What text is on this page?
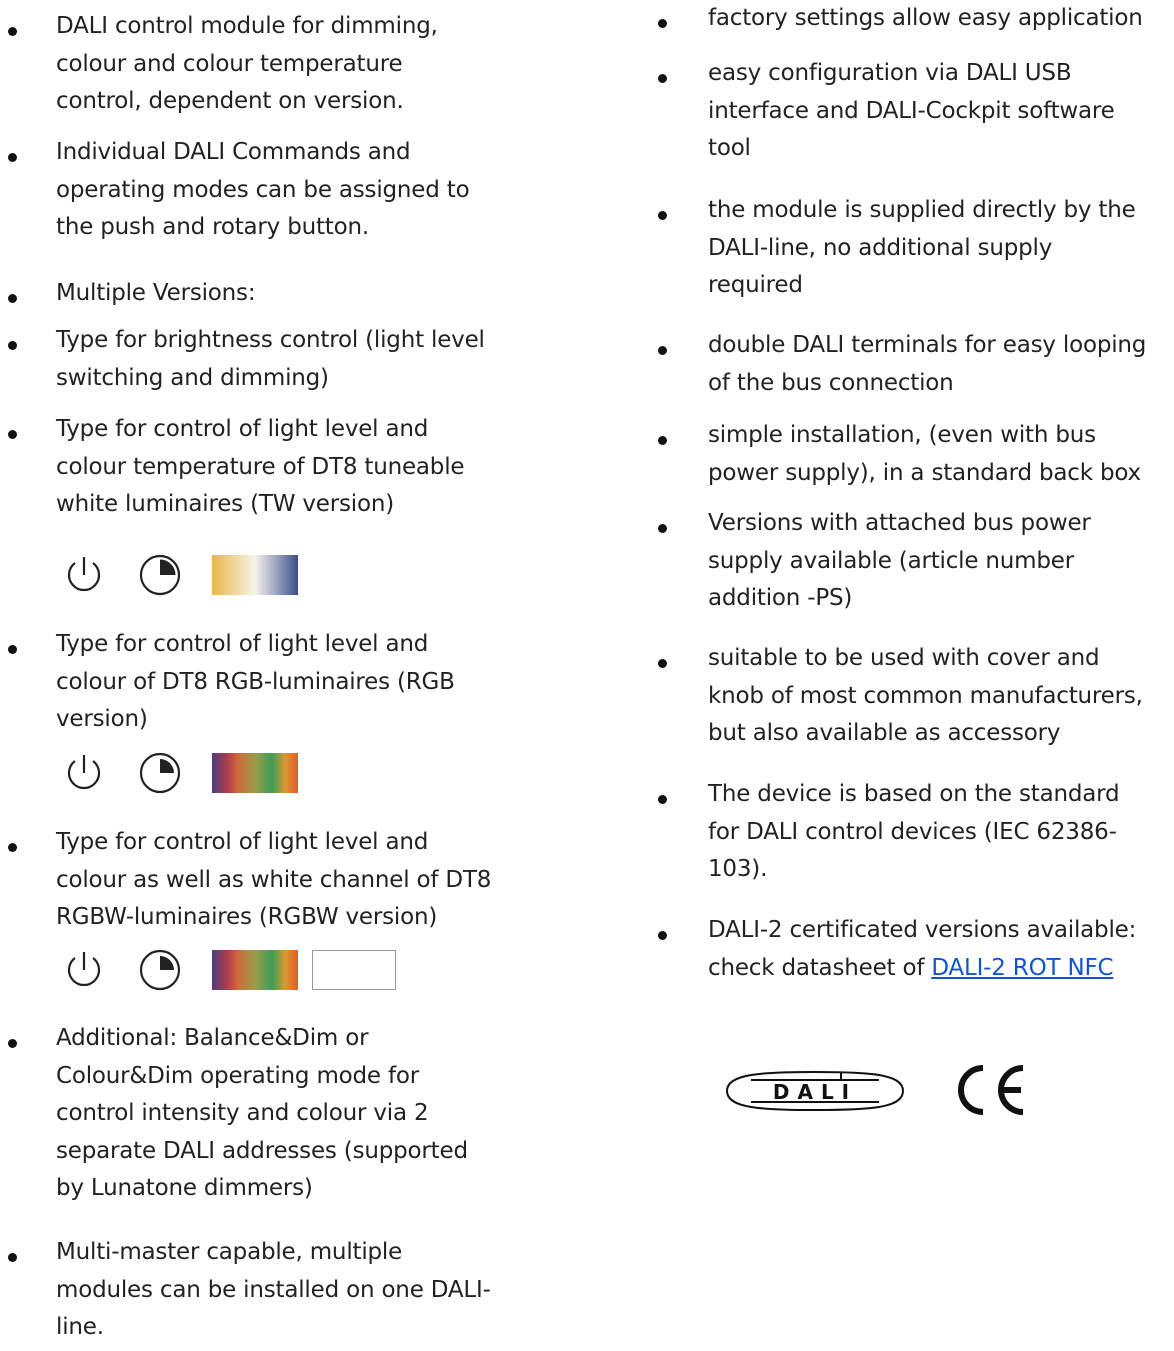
DALI control module for dimming,
colour and colour temperature
control, dependent on version.
Individual DALI Commands and
operating modes can be assigned to
the push and rotary button.
Multiple Versions:
Type for brightness control (light level
switching and dimming)
Type for control of light level and
colour temperature of DT8 tuneable
white luminaires (TW version)
Type for control of light level and
colour of DT8 RGB-luminaires (RGB
version)
Type for control of light level and
colour as well as white channel of DT8
RGBW-luminaires (RGBW version)
Additional: Balance&Dim or
Colour&Dim operating mode for
control intensity and colour via 2
separate DALI addresses (supported
by Lunatone dimmers)
Multi-master capable, multiple
modules can be installed on one DALI-
line.
factory settings allow easy application
easy configuration via DALI USB
interface and DALI-Cockpit software
tool
the module is supplied directly by the
DALI-line, no additional supply
required
double DALI terminals for easy looping
of the bus connection
simple installation, (even with bus
power supply), in a standard back box
Versions with attached bus power
supply available (article number
addition -PS)
suitable to be used with cover and
knob of most common manufacturers,
but also available as accessory
The device is based on the standard
for DALI control devices (IEC 62386-
103).
DALI-2 certificated versions available:
check datasheet of DALI-2 ROT NFC
DALI
